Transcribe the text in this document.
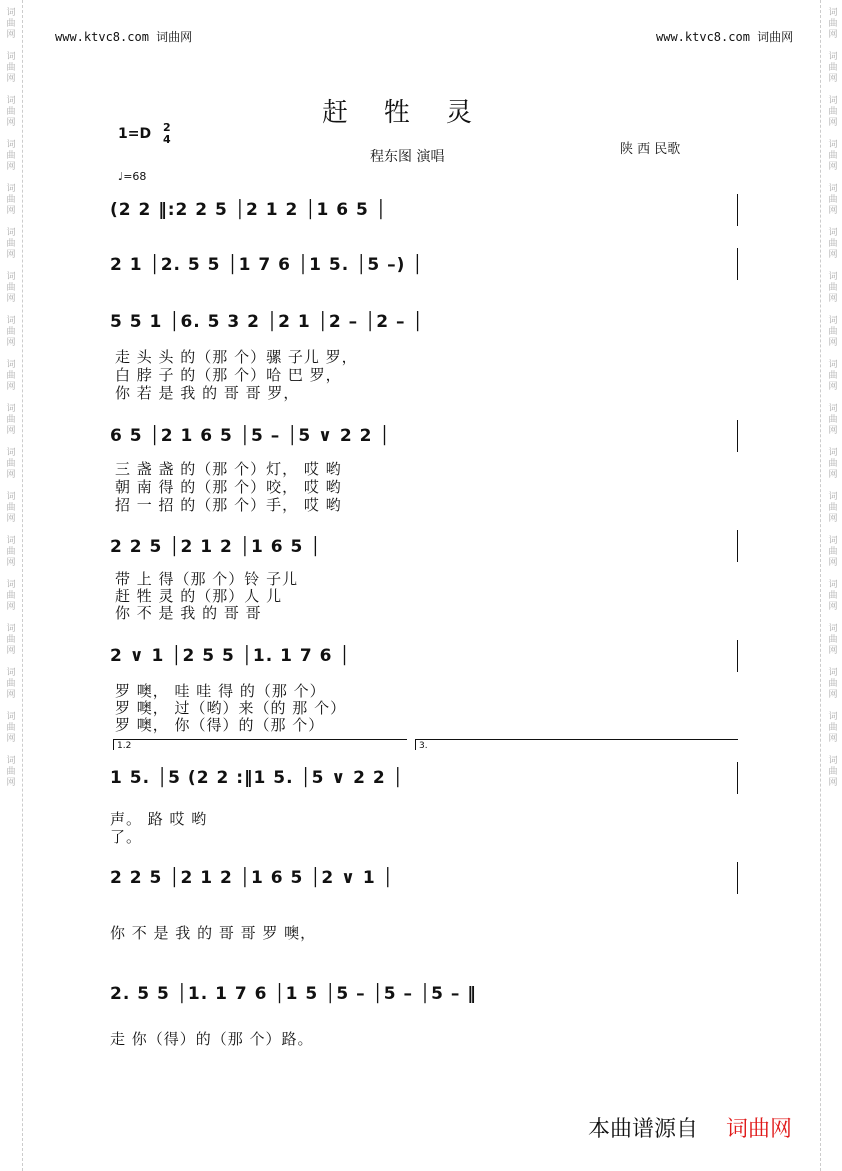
词曲网

词曲网

词曲网

词曲网

词曲网

词曲网

词曲网

词曲网

词曲网

词曲网

词曲网

词曲网

词曲网

词曲网

词曲网

词曲网

词曲网

词曲网
词曲网

词曲网

词曲网

词曲网

词曲网

词曲网

词曲网

词曲网

词曲网

词曲网

词曲网

词曲网

词曲网

词曲网

词曲网

词曲网

词曲网

词曲网
www.ktvc8.com 词曲网	www.ktvc8.com 词曲网
赶牲灵
1=D 2
4
程东图 演唱	陕 西 民歌
♩=68
(2 2 ‖:2 2 5 │2 1 2 │1 6 5 │
2 1 │2. 5 5 │1 7 6 │1 5. │5 –) │
5 5 1 │6. 5 3 2 │2 1 │2 – │2 – │
走 头 头 的（那 个）骡 子儿 罗，
白 脖 子 的（那 个）哈 巴 罗，
你 若 是 我 的 哥 哥 罗，
6 5 │2 1 6 5 │5 – │5 ∨ 2 2 │
三 盏 盏 的（那 个）灯， 哎 哟
朝 南 得 的（那 个）咬， 哎 哟
招 一 招 的（那 个）手， 哎 哟
2 2 5 │2 1 2 │1 6 5 │
带 上 得（那 个）铃 子儿
赶 牲 灵 的（那）人 儿
你 不 是 我 的 哥 哥
2 ∨ 1 │2 5 5 │1. 1 7 6 │
罗 噢， 哇 哇 得 的（那 个）
罗 噢， 过（哟）来（的 那 个）
罗 噢， 你（得）的（那 个）
1.2	3.
1 5. │5 (2 2 :‖1 5. │5 ∨ 2 2 │
声。 路 哎 哟
了。
2 2 5 │2 1 2 │1 6 5 │2 ∨ 1 │
你 不 是 我 的 哥 哥 罗 噢，
2. 5 5 │1. 1 7 6 │1 5 │5 – │5 – │5 – ‖
走 你（得）的（那 个）路。
本曲谱源自 词曲网
